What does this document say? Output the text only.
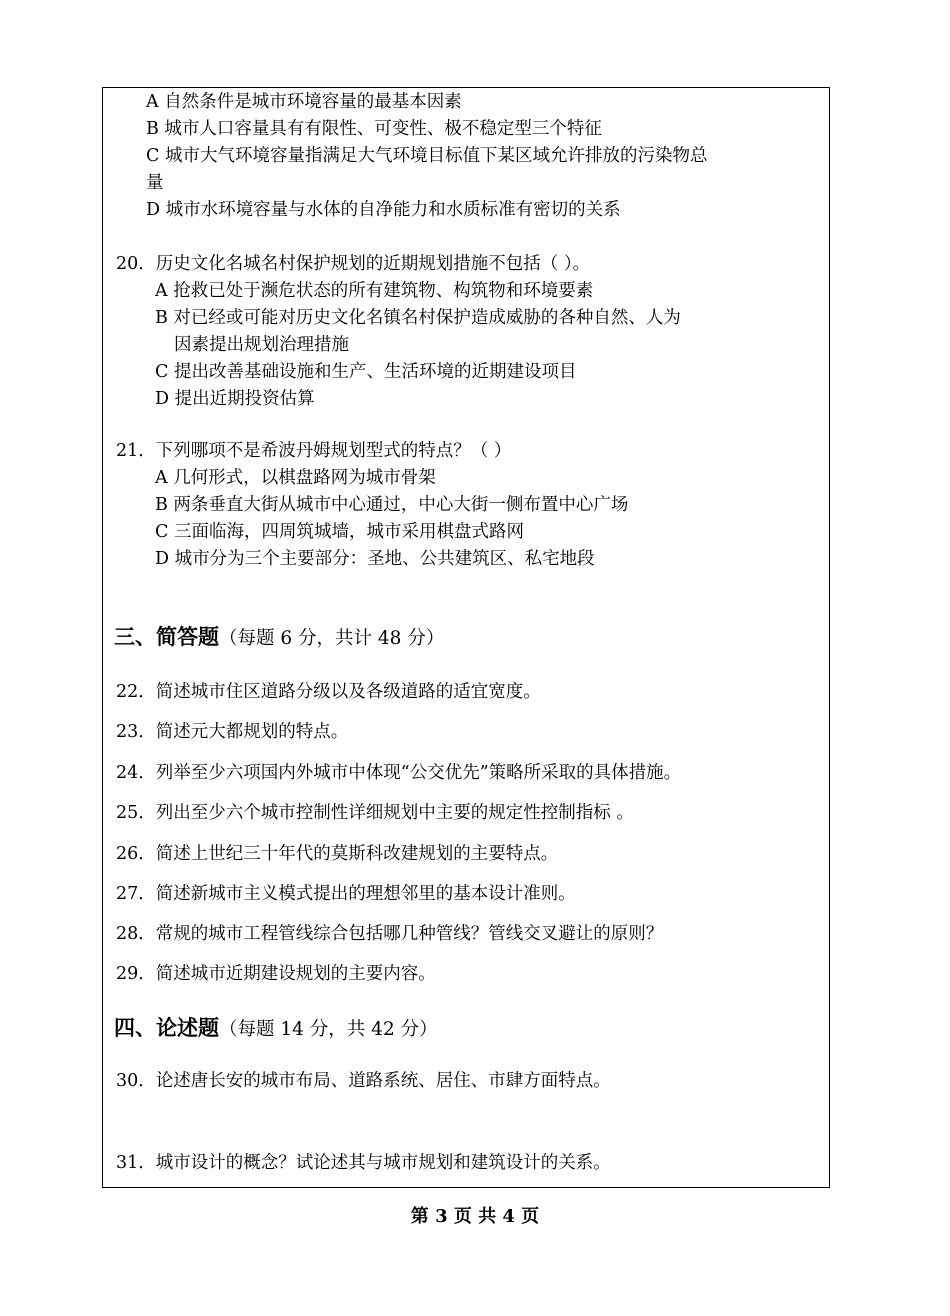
A 自然条件是城市环境容量的最基本因素
B 城市人口容量具有有限性、可变性、极不稳定型三个特征
C 城市大气环境容量指满足大气环境目标值下某区域允许排放的污染物总
量
D 城市水环境容量与水体的自净能力和水质标准有密切的关系
20．历史文化名城名村保护规划的近期规划措施不包括（ ）。
A 抢救已处于濒危状态的所有建筑物、构筑物和环境要素
B 对已经或可能对历史文化名镇名村保护造成威胁的各种自然、人为
因素提出规划治理措施
C 提出改善基础设施和生产、生活环境的近期建设项目
D 提出近期投资估算
21．下列哪项不是希波丹姆规划型式的特点？（ ）
A 几何形式，以棋盘路网为城市骨架
B 两条垂直大街从城市中心通过，中心大街一侧布置中心广场
C 三面临海，四周筑城墙，城市采用棋盘式路网
D 城市分为三个主要部分：圣地、公共建筑区、私宅地段
三、简答题（每题 6 分，共计 48 分）
22．简述城市住区道路分级以及各级道路的适宜宽度。
23．简述元大都规划的特点。
24．列举至少六项国内外城市中体现“公交优先”策略所采取的具体措施。
25．列出至少六个城市控制性详细规划中主要的规定性控制指标 。
26．简述上世纪三十年代的莫斯科改建规划的主要特点。
27．简述新城市主义模式提出的理想邻里的基本设计准则。
28．常规的城市工程管线综合包括哪几种管线？管线交叉避让的原则？
29．简述城市近期建设规划的主要内容。
四、论述题（每题 14 分，共 42 分）
30．论述唐长安的城市布局、道路系统、居住、市肆方面特点。
31．城市设计的概念？试论述其与城市规划和建筑设计的关系。
第 3 页 共 4 页
